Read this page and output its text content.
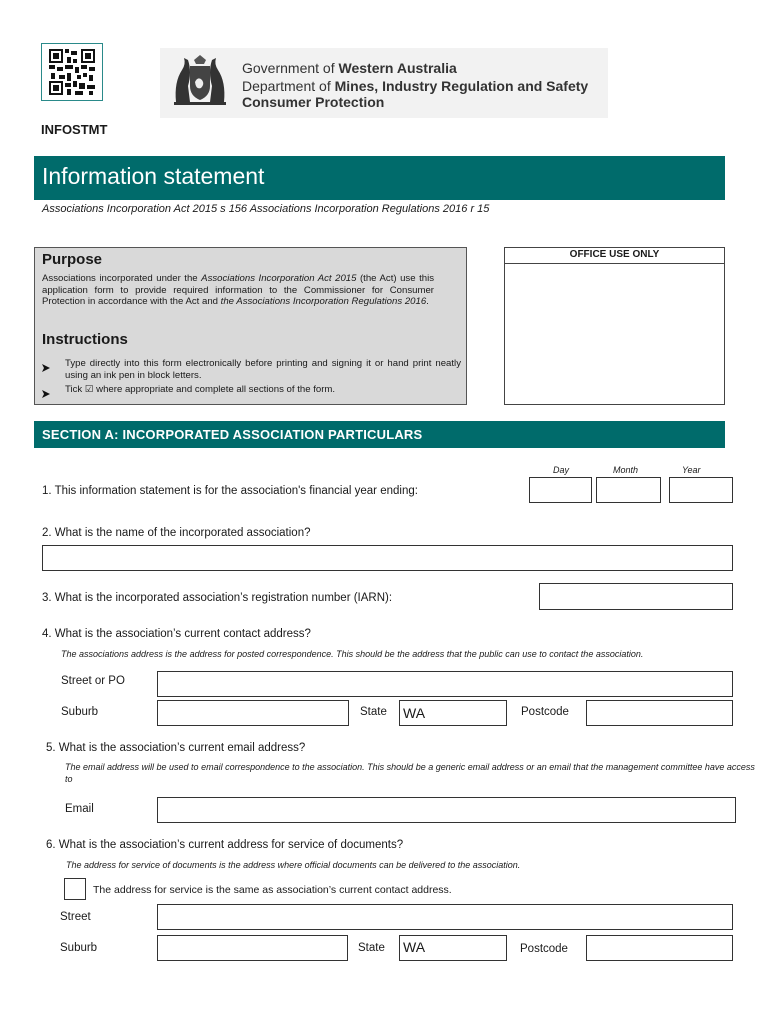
Government of Western Australia
Department of Mines, Industry Regulation and Safety
Consumer Protection
INFOSTMT
Information statement
Associations Incorporation Act 2015 s 156 Associations Incorporation Regulations 2016 r 15
Purpose
Associations incorporated under the Associations Incorporation Act 2015 (the Act) use this application form to provide required information to the Commissioner for Consumer Protection in accordance with the Act and the Associations Incorporation Regulations 2016.
Instructions
Type directly into this form electronically before printing and signing it or hand print neatly using an ink pen in block letters.
Tick ☑ where appropriate and complete all sections of the form.
OFFICE USE ONLY
SECTION A: INCORPORATED ASSOCIATION PARTICULARS
Day	Month	Year
1. This information statement is for the association's financial year ending:
2. What is the name of the incorporated association?
3. What is the incorporated association’s registration number (IARN):
4. What is the association’s current contact address?
The associations address is the address for posted correspondence. This should be the address that the public can use to contact the association.
Street or PO
Suburb	State WA	Postcode
5. What is the association’s current email address?
The email address will be used to email correspondence to the association. This should be a generic email address or an email that the management committee have access to
Email
6. What is the association’s current address for service of documents?
The address for service of documents is the address where official documents can be delivered to the association.
The address for service is the same as association’s current contact address.
Street
Suburb	State WA	Postcode
